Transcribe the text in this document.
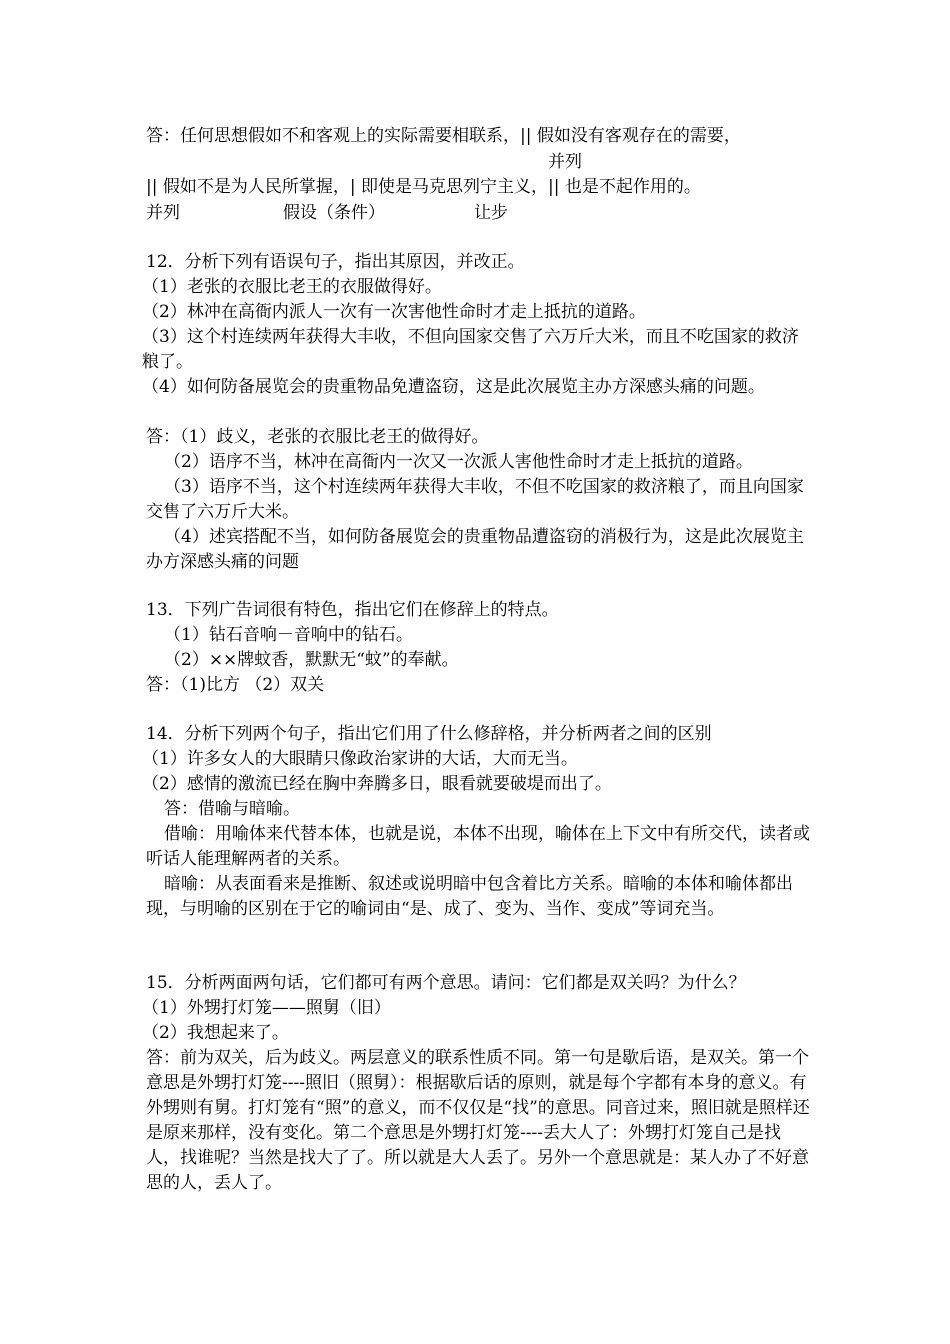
答：任何思想假如不和客观上的实际需要相联系，|| 假如没有客观存在的需要，
并列
|| 假如不是为人民所掌握，| 即使是马克思列宁主义，|| 也是不起作用的。
并列	假设（条件）	让步
12．分析下列有语误句子，指出其原因，并改正。
（1）老张的衣服比老王的衣服做得好。
（2）林冲在高衙内派人一次有一次害他性命时才走上抵抗的道路。
（3）这个村连续两年获得大丰收，不但向国家交售了六万斤大米，而且不吃国家的救济粮了。
（4）如何防备展览会的贵重物品免遭盗窃，这是此次展览主办方深感头痛的问题。
答：（1）歧义，老张的衣服比老王的做得好。
（2）语序不当，林冲在高衙内一次又一次派人害他性命时才走上抵抗的道路。
（3）语序不当，这个村连续两年获得大丰收，不但不吃国家的救济粮了，而且向国家交售了六万斤大米。
（4）述宾搭配不当，如何防备展览会的贵重物品遭盗窃的消极行为，这是此次展览主办方深感头痛的问题
13．下列广告词很有特色，指出它们在修辞上的特点。
（1）钻石音响－音响中的钻石。
（2）××牌蚊香，默默无“蚊”的奉献。
答：（1)比方 （2）双关
14．分析下列两个句子，指出它们用了什么修辞格，并分析两者之间的区别
（1）许多女人的大眼睛只像政治家讲的大话，大而无当。
（2）感情的激流已经在胸中奔腾多日，眼看就要破堤而出了。
答：借喻与暗喻。
借喻：用喻体来代替本体，也就是说，本体不出现，喻体在上下文中有所交代，读者或听话人能理解两者的关系。
暗喻：从表面看来是推断、叙述或说明暗中包含着比方关系。暗喻的本体和喻体都出现，与明喻的区别在于它的喻词由“是、成了、变为、当作、变成”等词充当。
15．分析两面两句话，它们都可有两个意思。请问：它们都是双关吗？为什么？
（1）外甥打灯笼——照舅（旧）
（2）我想起来了。
答：前为双关，后为歧义。两层意义的联系性质不同。第一句是歇后语，是双关。第一个意思是外甥打灯笼----照旧（照舅）：根据歇后话的原则，就是每个字都有本身的意义。有外甥则有舅。打灯笼有“照”的意义，而不仅仅是“找”的意思。同音过来，照旧就是照样还是原来那样，没有变化。第二个意思是外甥打灯笼----丢大人了：外甥打灯笼自己是找人，找谁呢？当然是找大了了。所以就是大人丢了。另外一个意思就是：某人办了不好意思的人，丢人了。
